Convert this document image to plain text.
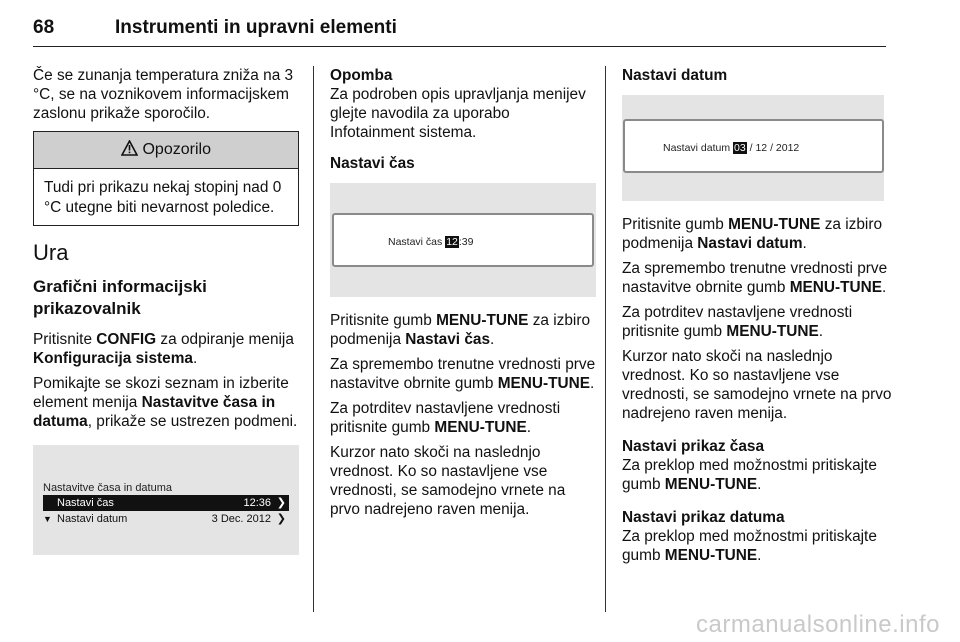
68	Instrumenti in upravni elementi

Če se zunanja temperatura zniža na 3 °C, se na voznikovem informacijskem zaslonu prikaže sporočilo.

Opozorilo
Tudi pri prikazu nekaj stopinj nad 0 °C utegne biti nevarnost poledice.
Ura
Grafični informacijski prikazovalnik

Pritisnite CONFIG za odpiranje menija Konfiguracija sistema.

Pomikajte se skozi seznam in izberite element menija Nastavitve časa in datuma, prikaže se ustrezen podmeni.

Nastavitve časa in datuma
Nastavi čas	12:36 ❯
▼ Nastavi datum	3 Dec. 2012 ❯

Opomba

Za podroben opis upravljanja menijev glejte navodila za uporabo Infotainment sistema.

Nastavi čas
Nastavi čas 12:39

Pritisnite gumb MENU-TUNE za izbiro podmenija Nastavi čas.

Za spremembo trenutne vrednosti prve nastavitve obrnite gumb MENU-TUNE.

Za potrditev nastavljene vrednosti pritisnite gumb MENU-TUNE.

Kurzor nato skoči na naslednjo vrednost. Ko so nastavljene vse vrednosti, se samodejno vrnete na prvo nadrejeno raven menija.

Nastavi datum
Nastavi datum 03 / 12 / 2012

Pritisnite gumb MENU-TUNE za izbiro podmenija Nastavi datum.

Za spremembo trenutne vrednosti prve nastavitve obrnite gumb MENU-TUNE.

Za potrditev nastavljene vrednosti pritisnite gumb MENU-TUNE.

Kurzor nato skoči na naslednjo vrednost. Ko so nastavljene vse vrednosti, se samodejno vrnete na prvo nadrejeno raven menija.

Nastavi prikaz časa

Za preklop med možnostmi pritiskajte gumb MENU-TUNE.

Nastavi prikaz datuma

Za preklop med možnostmi pritiskajte gumb MENU-TUNE.

carmanualsonline.info
